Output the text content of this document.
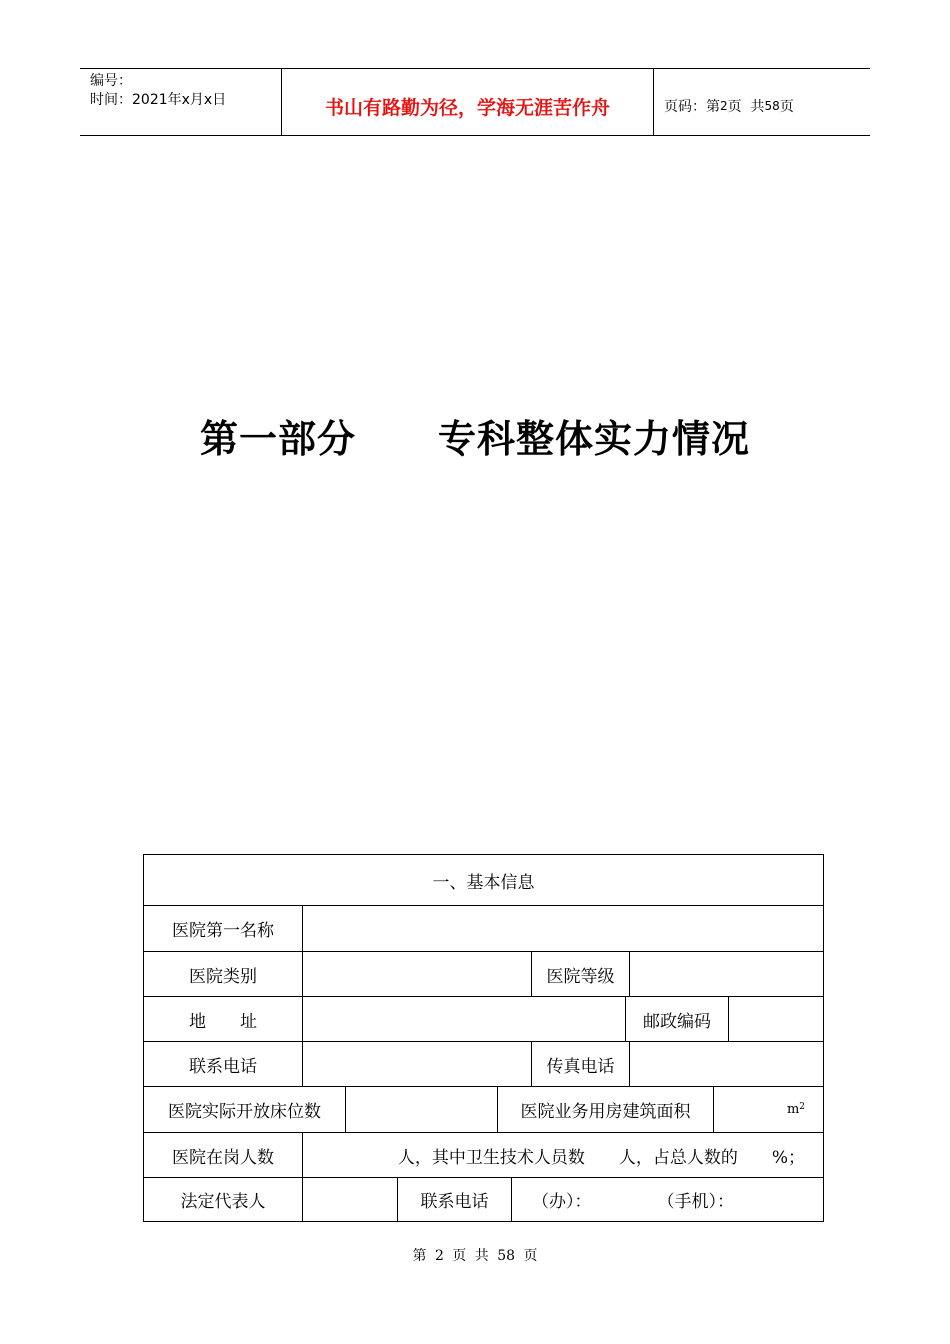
编号：
时间：2021年x月x日	书山有路勤为径，学海无涯苦作舟	页码：第 2 页  共 58 页
第一部分 专科整体实力情况
一、基本信息
医院第一名称
医院类别	医院等级
地　　址	邮政编码
联系电话	传真电话
医院实际开放床位数	医院业务用房建筑面积	m 2
医院在岗人数	人，其中卫生技术人员数　　人，占总人数的　　%；
法定代表人	联系电话	（办）：	（手机）：
第 2 页 共 58 页
